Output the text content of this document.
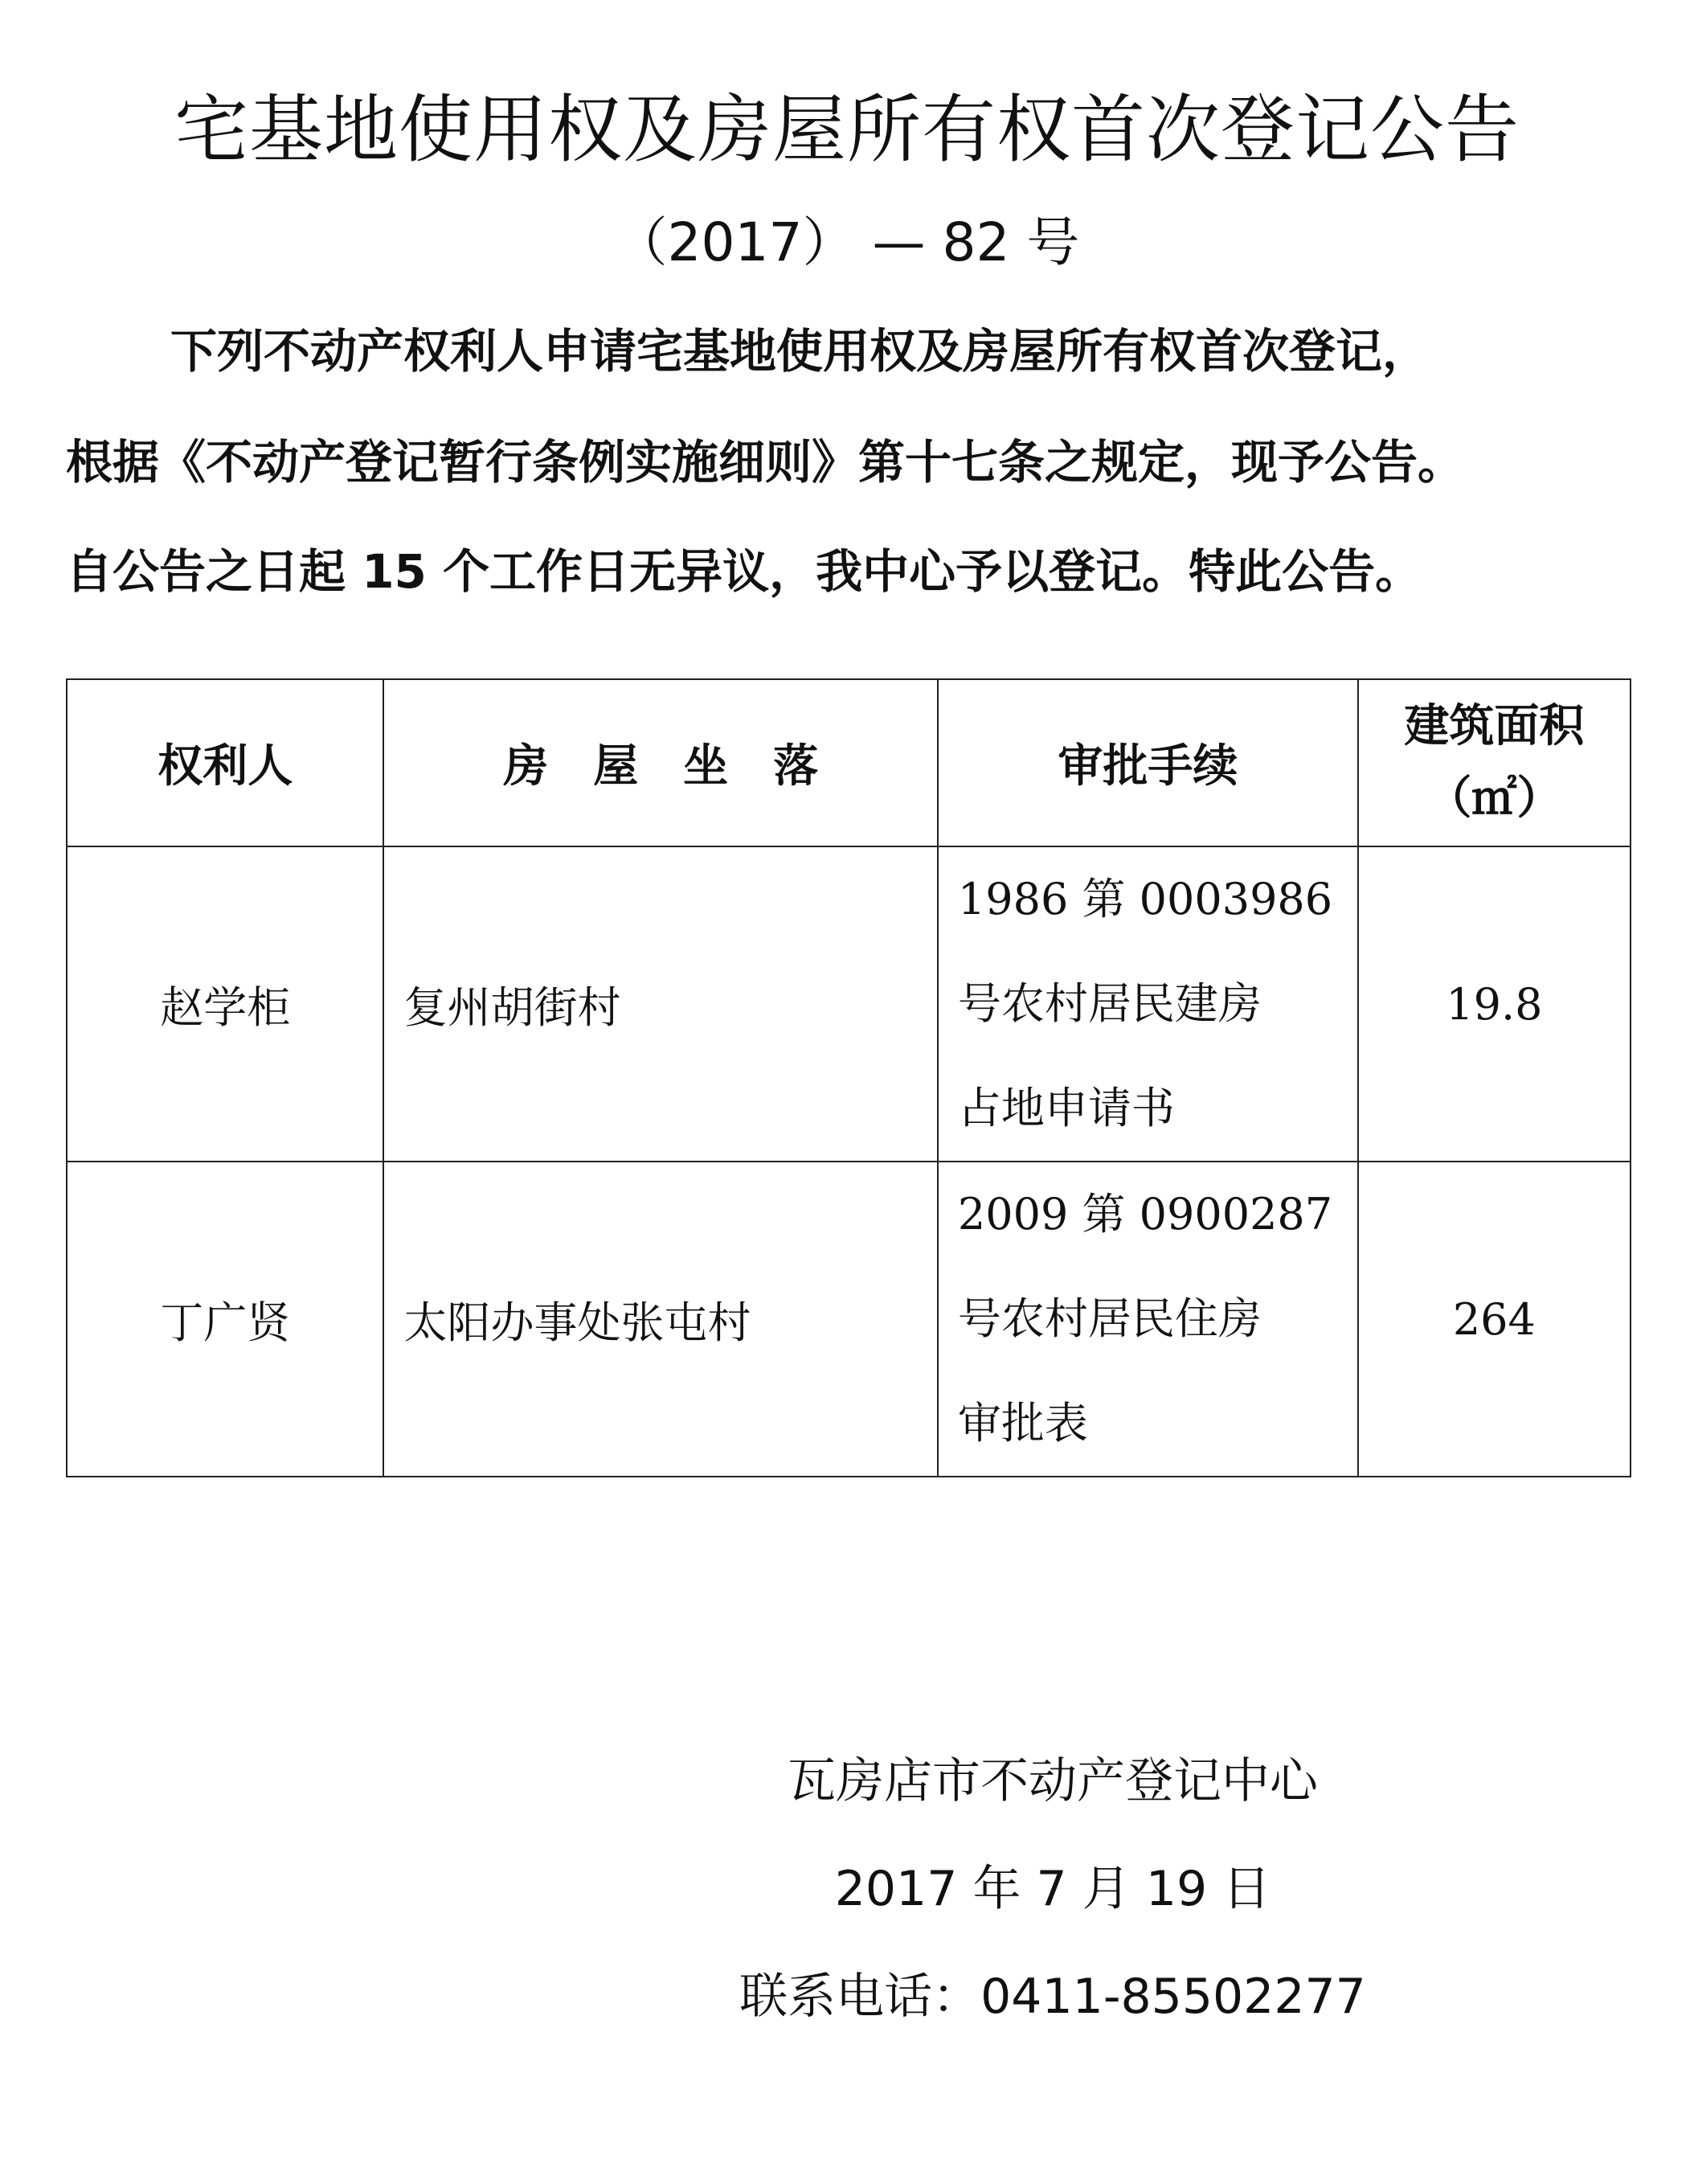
宅基地使用权及房屋所有权首次登记公告
（2017） — 82 号
下列不动产权利人申请宅基地使用权及房屋所有权首次登记，
根据《不动产登记暂行条例实施细则》第十七条之规定，现予公告。
自公告之日起 15 个工作日无异议，我中心予以登记。特此公告。
权利人	房　屋　坐　落	审批手续	建筑面积
（㎡）

赵学柜	复州胡街村	1986 第 0003986
号农村居民建房
占地申请书	19.8
丁广贤	太阳办事处张屯村	2009 第 0900287
号农村居民住房
审批表	264
瓦房店市不动产登记中心
2017 年 7 月 19 日
联系电话：0411-85502277
